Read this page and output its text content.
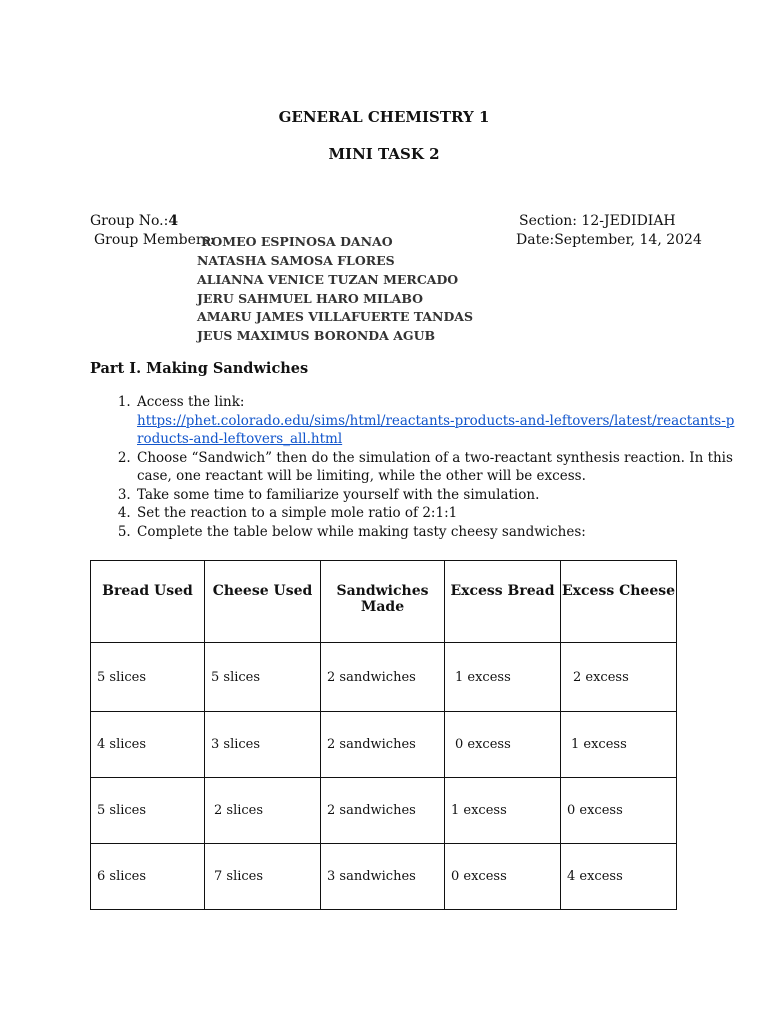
GENERAL CHEMISTRY 1
MINI TASK 2
Group No.:4	Section: 12-JEDIDIAH
Group Members:	Date:September, 14, 2024
ROMEO ESPINOSA DANAO
NATASHA SAMOSA FLORES
ALIANNA VENICE TUZAN MERCADO
JERU SAHMUEL HARO MILABO
AMARU JAMES VILLAFUERTE TANDAS
JEUS MAXIMUS BORONDA AGUB
Part I. Making Sandwiches
1. Access the link:
https://phet.colorado.edu/sims/html/reactants-products-and-leftovers/latest/reactants-products-and-leftovers_all.html
2. Choose “Sandwich” then do the simulation of a two-reactant synthesis reaction. In this case, one reactant will be limiting, while the other will be excess.
3. Take some time to familiarize yourself with the simulation.
4. Set the reaction to a simple mole ratio of 2:1:1
5. Complete the table below while making tasty cheesy sandwiches:
Bread Used	Cheese Used	Sandwiches Made	Excess Bread	Excess Cheese
5 slices	5 slices	2 sandwiches	1 excess	2 excess
4 slices	3 slices	2 sandwiches	0 excess	1 excess
5 slices	2 slices	2 sandwiches	1 excess	0 excess
6 slices	7 slices	3 sandwiches	0 excess	4 excess
